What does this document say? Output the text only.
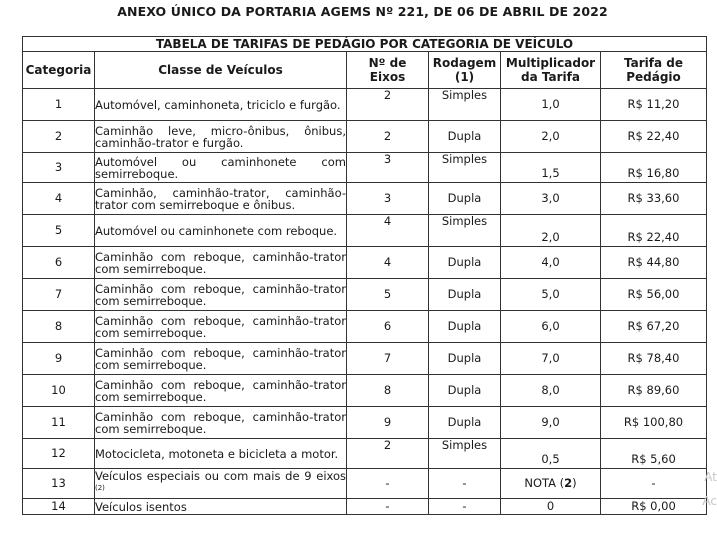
ANEXO ÚNICO DA PORTARIA AGEMS Nº 221, DE 06 DE ABRIL DE 2022
TABELA DE TARIFAS DE PEDÁGIO POR CATEGORIA DE VEÍCULO					
Categoria	Classe de Veículos	Nº de Eixos	Rodagem (1)	Multiplicador da Tarifa	Tarifa de Pedágio
1	Automóvel, caminhoneta, triciclo e furgão.	2	Simples	1,0	R$ 11,20
2	Caminhão leve, micro-ônibus, ônibus, caminhão-trator e furgão.	2	Dupla	2,0	R$ 22,40
3	Automóvel ou caminhonete com semirreboque.	3	Simples	1,5	R$ 16,80
4	Caminhão, caminhão-trator, caminhão-trator com semirreboque e ônibus.	3	Dupla	3,0	R$ 33,60
5	Automóvel ou caminhonete com reboque.	4	Simples	2,0	R$ 22,40
6	Caminhão com reboque, caminhão-trator com semirreboque.	4	Dupla	4,0	R$ 44,80
7	Caminhão com reboque, caminhão-trator com semirreboque.	5	Dupla	5,0	R$ 56,00
8	Caminhão com reboque, caminhão-trator com semirreboque.	6	Dupla	6,0	R$ 67,20
9	Caminhão com reboque, caminhão-trator com semirreboque.	7	Dupla	7,0	R$ 78,40
10	Caminhão com reboque, caminhão-trator com semirreboque.	8	Dupla	8,0	R$ 89,60
11	Caminhão com reboque, caminhão-trator com semirreboque.	9	Dupla	9,0	R$ 100,80
12	Motocicleta, motoneta e bicicleta a motor.	2	Simples	0,5	R$ 5,60
13	Veículos especiais ou com mais de 9 eixos $^{(2)}$	-	-	NOTA (2)	-
14	Veículos isentos	-	-	0	R$ 0,00
At
Ac
